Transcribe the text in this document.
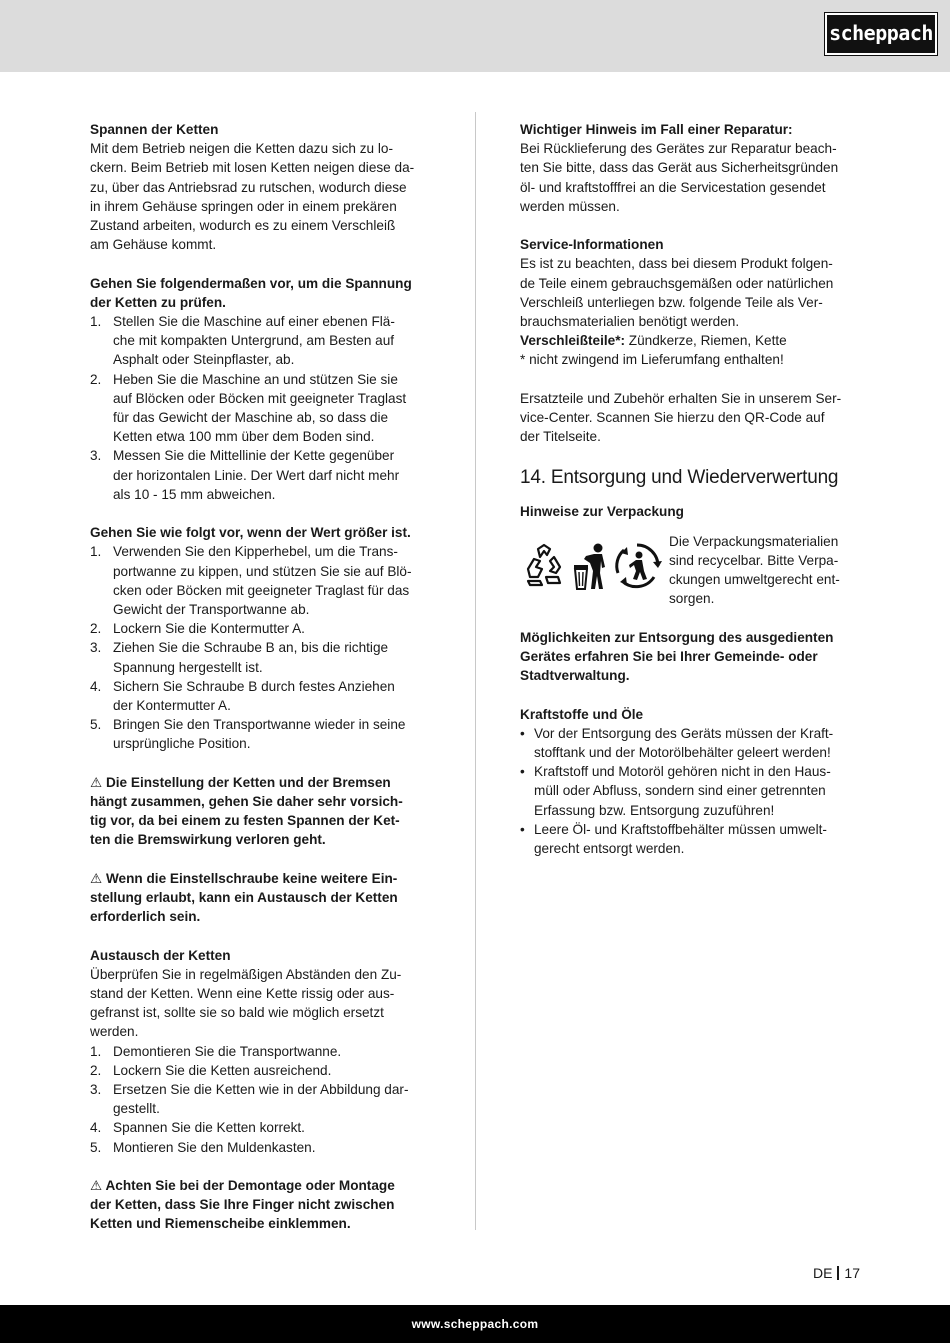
scheppach

Spannen der Ketten

Mit dem Betrieb neigen die Ketten dazu sich zu lo-
ckern. Beim Betrieb mit losen Ketten neigen diese da-
zu, über das Antriebsrad zu rutschen, wodurch diese
in ihrem Gehäuse springen oder in einem prekären
Zustand arbeiten, wodurch es zu einem Verschleiß
am Gehäuse kommt.
Gehen Sie folgendermaßen vor, um die Spannung
der Ketten zu prüfen.
1. Stellen Sie die Maschine auf einer ebenen Flä-
che mit kompakten Untergrund, am Besten auf
Asphalt oder Steinpflaster, ab.
2. Heben Sie die Maschine an und stützen Sie sie
auf Blöcken oder Böcken mit geeigneter Traglast
für das Gewicht der Maschine ab, so dass die
Ketten etwa 100 mm über dem Boden sind.
3. Messen Sie die Mittellinie der Kette gegenüber
der horizontalen Linie. Der Wert darf nicht mehr
als 10 - 15 mm abweichen.

Gehen Sie wie folgt vor, wenn der Wert größer ist.

1. Verwenden Sie den Kipperhebel, um die Trans-
portwanne zu kippen, und stützen Sie sie auf Blö-
cken oder Böcken mit geeigneter Traglast für das
Gewicht der Transportwanne ab.
2. Lockern Sie die Kontermutter A.
3. Ziehen Sie die Schraube B an, bis die richtige
Spannung hergestellt ist.
4. Sichern Sie Schraube B durch festes Anziehen
der Kontermutter A.
5. Bringen Sie den Transportwanne wieder in seine
ursprüngliche Position.
⚠ Die Einstellung der Ketten und der Bremsen
hängt zusammen, gehen Sie daher sehr vorsich-
tig vor, da bei einem zu festen Spannen der Ket-
ten die Bremswirkung verloren geht.
⚠ Wenn die Einstellschraube keine weitere Ein-
stellung erlaubt, kann ein Austausch der Ketten
erforderlich sein.

Austausch der Ketten

Überprüfen Sie in regelmäßigen Abständen den Zu-
stand der Ketten. Wenn eine Kette rissig oder aus-
gefranst ist, sollte sie so bald wie möglich ersetzt
werden.
1. Demontieren Sie die Transportwanne.
2. Lockern Sie die Ketten ausreichend.
3. Ersetzen Sie die Ketten wie in der Abbildung dar-
gestellt.
4. Spannen Sie die Ketten korrekt.
5. Montieren Sie den Muldenkasten.
⚠ Achten Sie bei der Demontage oder Montage
der Ketten, dass Sie Ihre Finger nicht zwischen
Ketten und Riemenscheibe einklemmen.

Wichtiger Hinweis im Fall einer Reparatur:

Bei Rücklieferung des Gerätes zur Reparatur beach-
ten Sie bitte, dass das Gerät aus Sicherheitsgründen
öl- und kraftstofffrei an die Servicestation gesendet
werden müssen.

Service-Informationen

Es ist zu beachten, dass bei diesem Produkt folgen-
de Teile einem gebrauchsgemäßen oder natürlichen
Verschleiß unterliegen bzw. folgende Teile als Ver-
brauchsmaterialien benötigt werden.
Verschleißteile*: Zündkerze, Riemen, Kette
* nicht zwingend im Lieferumfang enthalten!
Ersatzteile und Zubehör erhalten Sie in unserem Ser-
vice-Center. Scannen Sie hierzu den QR-Code auf
der Titelseite.
14. Entsorgung und Wiederverwertung

Hinweise zur Verpackung

Die Verpackungsmaterialien
sind recycelbar. Bitte Verpa-
ckungen umweltgerecht ent-
sorgen.
Möglichkeiten zur Entsorgung des ausgedienten
Gerätes erfahren Sie bei Ihrer Gemeinde- oder
Stadtverwaltung.

Kraftstoffe und Öle

• Vor der Entsorgung des Geräts müssen der Kraft-
stofftank und der Motorölbehälter geleert werden!
• Kraftstoff und Motoröl gehören nicht in den Haus-
müll oder Abfluss, sondern sind einer getrennten
Erfassung bzw. Entsorgung zuzuführen!
• Leere Öl- und Kraftstoffbehälter müssen umwelt-
gerecht entsorgt werden.
DE 17
www.scheppach.com
